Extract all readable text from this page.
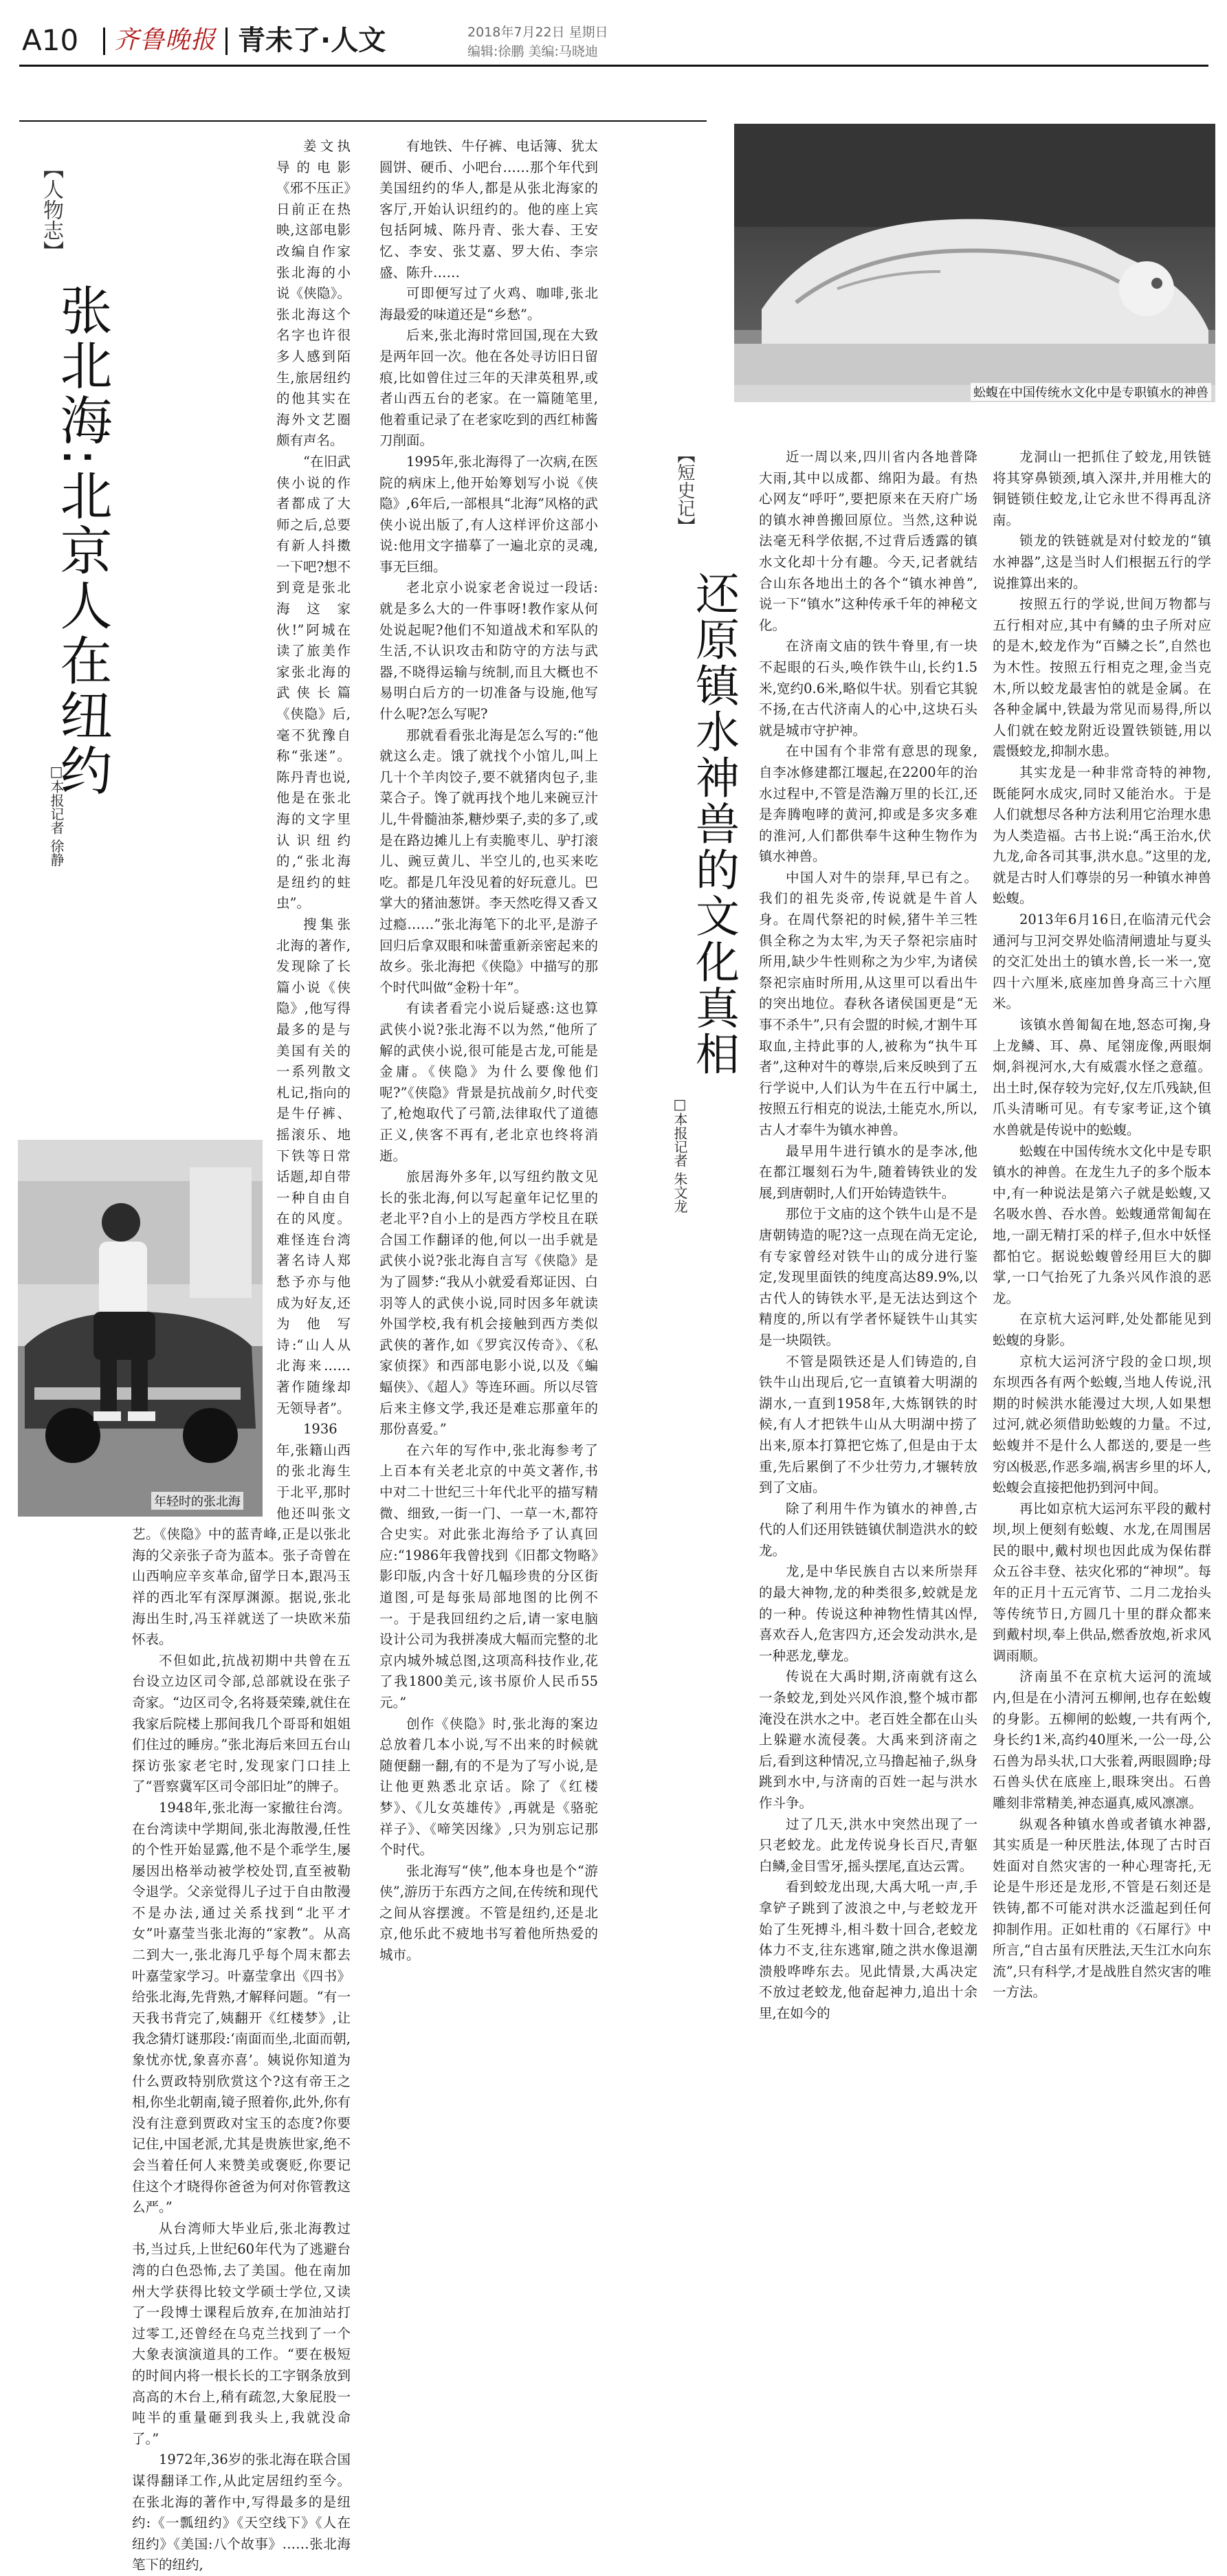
A10 齐鲁晚报 青未了·人文	2018年7月22日 星期日
编辑:徐鹏 美编:马晓迪
【人物志】
张北海:北京人在纽约
□本报记者 徐静

姜文执导的电影《邪不压正》日前正在热映,这部电影改编自作家张北海的小说《侠隐》。张北海这个名字也许很多人感到陌生,旅居纽约的他其实在海外文艺圈颇有声名。

“在旧武侠小说的作者都成了大师之后,总要有新人抖擞一下吧?想不到竟是张北海这家伙!”阿城在读了旅美作家张北海的武侠长篇《侠隐》后,毫不犹豫自称“张迷”。陈丹青也说,他是在张北海的文字里认识纽约的,“张北海是纽约的蛀虫”。

搜集张北海的著作,发现除了长篇小说《侠隐》,他写得最多的是与美国有关的一系列散文札记,指向的是牛仔裤、摇滚乐、地下铁等日常话题,却自带一种自由自在的风度。难怪连台湾著名诗人郑愁予亦与他成为好友,还为他写诗:“山人从北海来……著作随缘却无领导者”。

1936年,张籍山西的张北海生于北平,那时他还叫张文艺。《侠隐》中的蓝青峰,正是以张北海的父亲张子奇为蓝本。张子奇曾在山西响应辛亥革命,留学日本,跟冯玉祥的西北军有深厚渊源。据说,张北海出生时,冯玉祥就送了一块欧米茄怀表。

不但如此,抗战初期中共曾在五台设立边区司令部,总部就设在张子奇家。“边区司令,名将聂荣臻,就住在我家后院楼上那间我几个哥哥和姐姐们住过的睡房。”张北海后来回五台山探访张家老宅时,发现家门口挂上了“晋察冀军区司令部旧址”的牌子。

1948年,张北海一家撤往台湾。在台湾读中学期间,张北海散漫,任性的个性开始显露,他不是个乖学生,屡屡因出格举动被学校处罚,直至被勒令退学。父亲觉得儿子过于自由散漫不是办法,通过关系找到“北平才女”叶嘉莹当张北海的“家教”。从高二到大一,张北海几乎每个周末都去叶嘉莹家学习。叶嘉莹拿出《四书》给张北海,先背熟,才解释问题。“有一天我书背完了,姨翻开《红楼梦》,让我念猜灯谜那段:‘南面而坐,北面而朝,象忧亦忧,象喜亦喜’。姨说你知道为什么贾政特别欣赏这个?这有帝王之相,你坐北朝南,镜子照着你,此外,你有没有注意到贾政对宝玉的态度?你要记住,中国老派,尤其是贵族世家,绝不会当着任何人来赞美或褒贬,你要记住这个才晓得你爸爸为何对你管教这么严。”

从台湾师大毕业后,张北海教过书,当过兵,上世纪60年代为了逃避台湾的白色恐怖,去了美国。他在南加州大学获得比较文学硕士学位,又读了一段博士课程后放弃,在加油站打过零工,还曾经在乌克兰找到了一个大象表演演道具的工作。“要在极短的时间内将一根长长的工字钢条放到高高的木台上,稍有疏忽,大象屁股一吨半的重量砸到我头上,我就没命了。”

1972年,36岁的张北海在联合国谋得翻译工作,从此定居纽约至今。在张北海的著作中,写得最多的是纽约:《一瓢纽约》《天空线下》《人在纽约》《美国:八个故事》……张北海笔下的纽约,

年轻时的张北海

有地铁、牛仔裤、电话簿、犹太圆饼、硬币、小吧台……那个年代到美国纽约的华人,都是从张北海家的客厅,开始认识纽约的。他的座上宾包括阿城、陈丹青、张大春、王安忆、李安、张艾嘉、罗大佑、李宗盛、陈升……

可即便写过了火鸡、咖啡,张北海最爱的味道还是“乡愁”。

后来,张北海时常回国,现在大致是两年回一次。他在各处寻访旧日留痕,比如曾住过三年的天津英租界,或者山西五台的老家。在一篇随笔里,他着重记录了在老家吃到的西红柿酱刀削面。

1995年,张北海得了一次病,在医院的病床上,他开始筹划写小说《侠隐》,6年后,一部根具“北海”风格的武侠小说出版了,有人这样评价这部小说:他用文字描摹了一遍北京的灵魂,事无巨细。

老北京小说家老舍说过一段话:就是多么大的一件事呀!教作家从何处说起呢?他们不知道战术和军队的生活,不认识攻击和防守的方法与武器,不晓得运输与统制,而且大概也不易明白后方的一切准备与设施,他写什么呢?怎么写呢?

那就看看张北海是怎么写的:“他就这么走。饿了就找个小馆儿,叫上几十个羊肉饺子,要不就猪肉包子,韭菜合子。馋了就再找个地儿来碗豆汁儿,牛骨髓油茶,糖炒栗子,卖的多了,或是在路边摊儿上有卖脆枣儿、驴打滚儿、豌豆黄儿、半空儿的,也买来吃吃。都是几年没见着的好玩意儿。巴掌大的猪油葱饼。李天然吃得又香又过瘾……”张北海笔下的北平,是游子回归后拿双眼和味蕾重新亲密起来的故乡。张北海把《侠隐》中描写的那个时代叫做“金粉十年”。

有读者看完小说后疑惑:这也算武侠小说?张北海不以为然,“他所了解的武侠小说,很可能是古龙,可能是金庸。《侠隐》为什么要像他们呢?”《侠隐》背景是抗战前夕,时代变了,枪炮取代了弓箭,法律取代了道德正义,侠客不再有,老北京也终将消逝。

旅居海外多年,以写纽约散文见长的张北海,何以写起童年记忆里的老北平?自小上的是西方学校且在联合国工作翻译的他,何以一出手就是武侠小说?张北海自言写《侠隐》是为了圆梦:“我从小就爱看郑证因、白羽等人的武侠小说,同时因多年就读外国学校,我有机会接触到西方类似武侠的著作,如《罗宾汉传奇》、《私家侦探》和西部电影小说,以及《蝙蝠侠》、《超人》等连环画。所以尽管后来主修文学,我还是难忘那童年的那份喜爱。”

在六年的写作中,张北海参考了上百本有关老北京的中英文著作,书中对二十世纪三十年代北平的描写精微、细致,一街一门、一草一木,都符合史实。对此张北海给予了认真回应:“1986年我曾找到《旧都文物略》影印版,内含十好几幅珍贵的分区街道图,可是每张局部地图的比例不一。于是我回纽约之后,请一家电脑设计公司为我拼凑成大幅而完整的北京内城外城总图,这项高科技作业,花了我1800美元,该书原价人民币55元。”

创作《侠隐》时,张北海的案边总放着几本小说,写不出来的时候就随便翻一翻,有的不是为了写小说,是让他更熟悉北京话。除了《红楼梦》、《儿女英雄传》,再就是《骆驼祥子》、《啼笑因缘》,只为别忘记那个时代。

张北海写“侠”,他本身也是个“游侠”,游历于东西方之间,在传统和现代之间从容摆渡。不管是纽约,还是北京,他乐此不疲地书写着他所热爱的城市。

蚣蝮在中国传统水文化中是专职镇水的神兽
【短史记】
还原镇水神兽的文化真相
□本报记者 朱文龙

近一周以来,四川省内各地普降大雨,其中以成都、绵阳为最。有热心网友“呼吁”,要把原来在天府广场的镇水神兽搬回原位。当然,这种说法毫无科学依据,不过背后透露的镇水文化却十分有趣。今天,记者就结合山东各地出土的各个“镇水神兽”,说一下“镇水”这种传承千年的神秘文化。

在济南文庙的铁牛脊里,有一块不起眼的石头,唤作铁牛山,长约1.5米,宽约0.6米,略似牛状。别看它其貌不扬,在古代济南人的心中,这块石头就是城市守护神。

在中国有个非常有意思的现象,自李冰修建都江堰起,在2200年的治水过程中,不管是浩瀚万里的长江,还是奔腾咆哮的黄河,抑或是多灾多难的淮河,人们都供奉牛这种生物作为镇水神兽。

中国人对牛的崇拜,早已有之。我们的祖先炎帝,传说就是牛首人身。在周代祭祀的时候,猪牛羊三牲俱全称之为太牢,为天子祭祀宗庙时所用,缺少牛性则称之为少牢,为诸侯祭祀宗庙时所用,从这里可以看出牛的突出地位。春秋各诸侯国更是“无事不杀牛”,只有会盟的时候,才割牛耳取血,主持此事的人,被称为“执牛耳者”,这种对牛的尊崇,后来反映到了五行学说中,人们认为牛在五行中属土,按照五行相克的说法,土能克水,所以,古人才奉牛为镇水神兽。

最早用牛进行镇水的是李冰,他在都江堰刻石为牛,随着铸铁业的发展,到唐朝时,人们开始铸造铁牛。

那位于文庙的这个铁牛山是不是唐朝铸造的呢?这一点现在尚无定论,有专家曾经对铁牛山的成分进行鉴定,发现里面铁的纯度高达89.9%,以古代人的铸铁水平,是无法达到这个精度的,所以有学者怀疑铁牛山其实是一块陨铁。

不管是陨铁还是人们铸造的,自铁牛山出现后,它一直镇着大明湖的湖水,一直到1958年,大炼钢铁的时候,有人才把铁牛山从大明湖中捞了出来,原本打算把它炼了,但是由于太重,先后累倒了不少壮劳力,才辗转放到了文庙。

除了利用牛作为镇水的神兽,古代的人们还用铁链镇伏制造洪水的蛟龙。

龙,是中华民族自古以来所崇拜的最大神物,龙的种类很多,蛟就是龙的一种。传说这种神物性情其凶悍,喜欢吞人,危害四方,还会发动洪水,是一种恶龙,孽龙。

传说在大禹时期,济南就有这么一条蛟龙,到处兴风作浪,整个城市都淹没在洪水之中。老百姓全都在山头上躲避水流侵袭。大禹来到济南之后,看到这种情况,立马撸起袖子,纵身跳到水中,与济南的百姓一起与洪水作斗争。

过了几天,洪水中突然出现了一只老蛟龙。此龙传说身长百尺,青躯白鳞,金目雪牙,摇头摆尾,直达云霄。

看到蛟龙出现,大禹大吼一声,手拿铲子跳到了波浪之中,与老蛟龙开始了生死搏斗,相斗数十回合,老蛟龙体力不支,往东逃窜,随之洪水像退潮溃般哗哗东去。见此情景,大禹决定不放过老蛟龙,他奋起神力,追出十余里,在如今的

龙洞山一把抓住了蛟龙,用铁链将其穿鼻锁颈,填入深井,并用椎大的铜链锁住蛟龙,让它永世不得再乱济南。

锁龙的铁链就是对付蛟龙的“镇水神器”,这是当时人们根据五行的学说推算出来的。

按照五行的学说,世间万物都与五行相对应,其中有鳞的虫子所对应的是木,蛟龙作为“百鳞之长”,自然也为木性。按照五行相克之理,金当克木,所以蛟龙最害怕的就是金属。在各种金属中,铁最为常见而易得,所以人们就在蛟龙附近设置铁锁链,用以震慑蛟龙,抑制水患。

其实龙是一种非常奇特的神物,既能阿水成灾,同时又能治水。于是人们就想尽各种方法利用它治理水患为人类造福。古书上说:“禹王治水,伏九龙,命各司其事,洪水息。”这里的龙,就是古时人们尊崇的另一种镇水神兽蚣蝮。

2013年6月16日,在临清元代会通河与卫河交界处临清闸遗址与夏头的交汇处出土的镇水兽,长一米一,宽四十六厘米,底座加兽身高三十六厘米。

该镇水兽匍匐在地,怒态可掬,身上龙鳞、耳、鼻、尾翎庞像,两眼炯炯,斜视河水,大有威震水怪之意蕴。出土时,保存较为完好,仅左爪残缺,但爪头清晰可见。有专家考证,这个镇水兽就是传说中的蚣蝮。

蚣蝮在中国传统水文化中是专职镇水的神兽。在龙生九子的多个版本中,有一种说法是第六子就是蚣蝮,又名吸水兽、吞水兽。蚣蝮通常匍匐在地,一副无精打采的样子,但水中妖怪都怕它。据说蚣蝮曾经用巨大的脚掌,一口气抬死了九条兴风作浪的恶龙。

在京杭大运河畔,处处都能见到蚣蝮的身影。

京杭大运河济宁段的金口坝,坝东坝西各有两个蚣蝮,当地人传说,汛期的时候洪水能漫过大坝,人如果想过河,就必须借助蚣蝮的力量。不过,蚣蝮并不是什么人都送的,要是一些穷凶极恶,作恶多端,祸害乡里的坏人,蚣蝮会直接把他扔到河中间。

再比如京杭大运河东平段的戴村坝,坝上便刻有蚣蝮、水龙,在周围居民的眼中,戴村坝也因此成为保佑群众五谷丰登、祛灾化邪的“神坝”。每年的正月十五元宵节、二月二龙抬头等传统节日,方圆几十里的群众都来到戴村坝,奉上供品,燃香放炮,祈求风调雨顺。

济南虽不在京杭大运河的流域内,但是在小清河五柳闸,也存在蚣蝮的身影。五柳闸的蚣蝮,一共有两个,身长约1米,高约40厘米,一公一母,公石兽为昂头状,口大张着,两眼圆睁;母石兽头伏在底座上,眼珠突出。石兽雕刻非常精美,神态逼真,威风凛凛。

纵观各种镇水兽或者镇水神器,其实质是一种厌胜法,体现了古时百姓面对自然灾害的一种心理寄托,无论是牛形还是龙形,不管是石刻还是铁铸,都不可能对洪水泛滥起到任何抑制作用。正如杜甫的《石犀行》中所言,“自古虽有厌胜法,天生江水向东流”,只有科学,才是战胜自然灾害的唯一方法。
